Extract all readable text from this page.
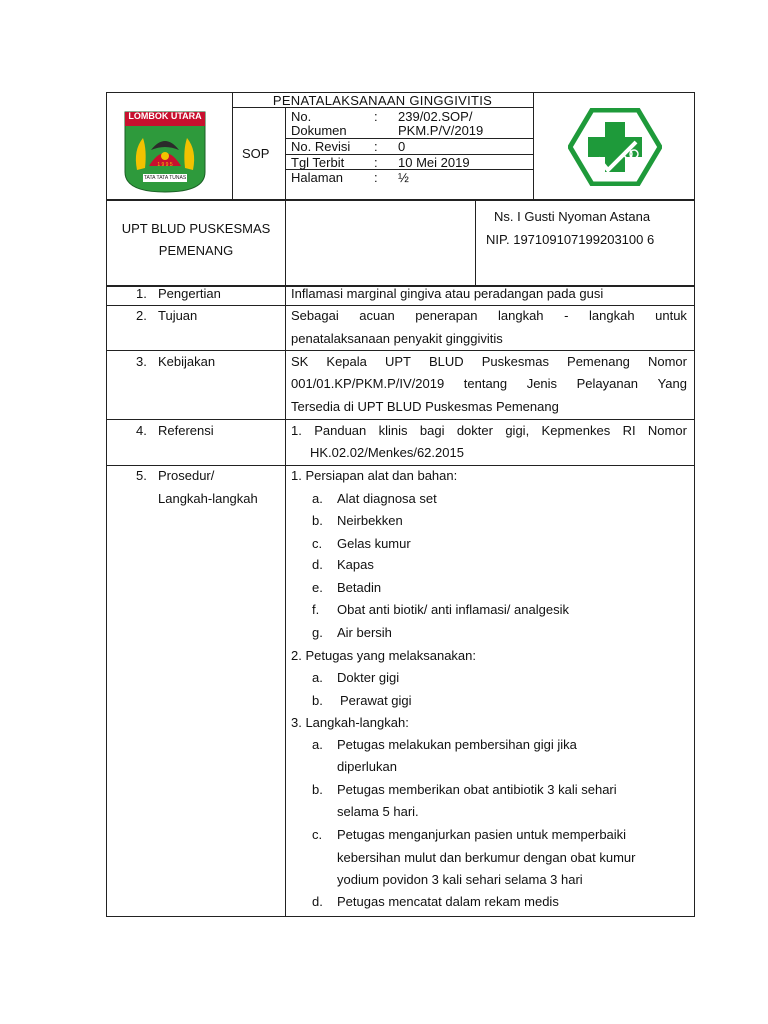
LOMBOK UTARA
1 9 9 5
TATA TATA TUNAS
PENATALAKSANAAN GINGGIVITIS
SOP
No.	: 239/02.SOP/
Dokumen	PKM.P/V/2019
No. Revisi : 0
Tgl Terbit : 10 Mei 2019
Halaman : ½
UPT BLUD PUSKESMAS
PEMENANG
Ns. I Gusti Nyoman Astana
NIP. 197109107199203100 6
1. Pengertian	Inflamasi marginal gingiva atau peradangan pada gusi
2. Tujuan	Sebagai acuan penerapan langkah - langkah untuk
penatalaksanaan penyakit ginggivitis
3. Kebijakan	SK Kepala UPT BLUD Puskesmas Pemenang Nomor
001/01.KP/PKM.P/IV/2019 tentang Jenis Pelayanan Yang
Tersedia di UPT BLUD Puskesmas Pemenang
4. Referensi	1. Panduan klinis bagi dokter gigi, Kepmenkes RI Nomor
HK.02.02/Menkes/62.2015
5. Prosedur/
Langkah-langkah
1. Persiapan alat dan bahan:
a. Alat diagnosa set
b. Neirbekken
c. Gelas kumur
d. Kapas
e. Betadin
f. Obat anti biotik/ anti inflamasi/ analgesik
g. Air bersih
2. Petugas yang melaksanakan:
a. Dokter gigi
b. Perawat gigi
3. Langkah-langkah:
a. Petugas melakukan pembersihan gigi jika
diperlukan
b. Petugas memberikan obat antibiotik 3 kali sehari
selama 5 hari.
c. Petugas menganjurkan pasien untuk memperbaiki
kebersihan mulut dan berkumur dengan obat kumur
yodium povidon 3 kali sehari selama 3 hari
d. Petugas mencatat dalam rekam medis
